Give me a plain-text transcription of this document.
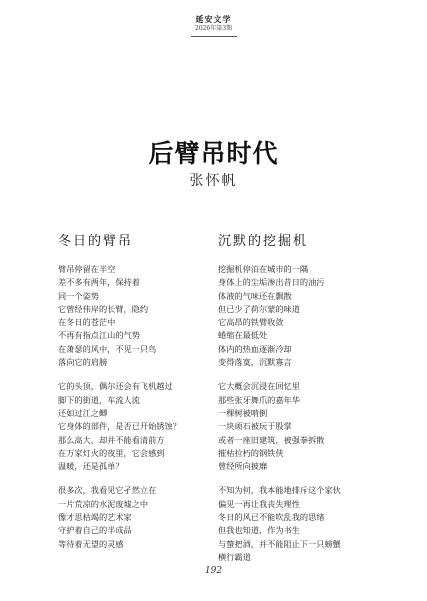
延安文学
2026年第3期
后臂吊时代
张怀帆
冬日的臂吊
臂吊停留在半空
差不多有两年，保持着
同一个姿势
它曾经伟岸的长臂，隐约
在冬日的苍茫中
不再有指点江山的气势
在萧瑟的风中，不见一只鸟
落向它的肩膀
它的头顶，偶尔还会有飞机越过
脚下的街道，车流人流
还如过江之鲫
它身体的部件，是否已开始锈蚀？
那么高大，却并不能看清前方
在万家灯火的夜里，它会感到
温暖，还是孤单？
很多次，我看见它孑然立在
一片荒凉的水泥废墟之中
像才思枯竭的艺术家
守护着自己的半成品
等待着无望的灵感
沉默的挖掘机
挖掘机停泊在城市的一隅
身体上的尘垢渗出昔日的油污
体液的气味还在飘散
但已少了荷尔蒙的味道
它高昂的铁臂收敛
蜷缩在最低处
体内的热血逐渐冷却
变得落寞，沉默寡言
它大概会沉浸在回忆里
那些张牙舞爪的嘉年华
一棵树被啃倒
一块顽石被玩于股掌
或者一座旧建筑，被强拳拆散
摧枯拉朽的钢铁侠
曾经所向披靡
不知为何，我本能地排斥这个家伙
偏见一再让我丧失理性
冬日的风已不能吹乱我的思绪
但我也知道，作为书生
与螫把酒，并不能阻止下一只螃蟹
横行霸道
192
